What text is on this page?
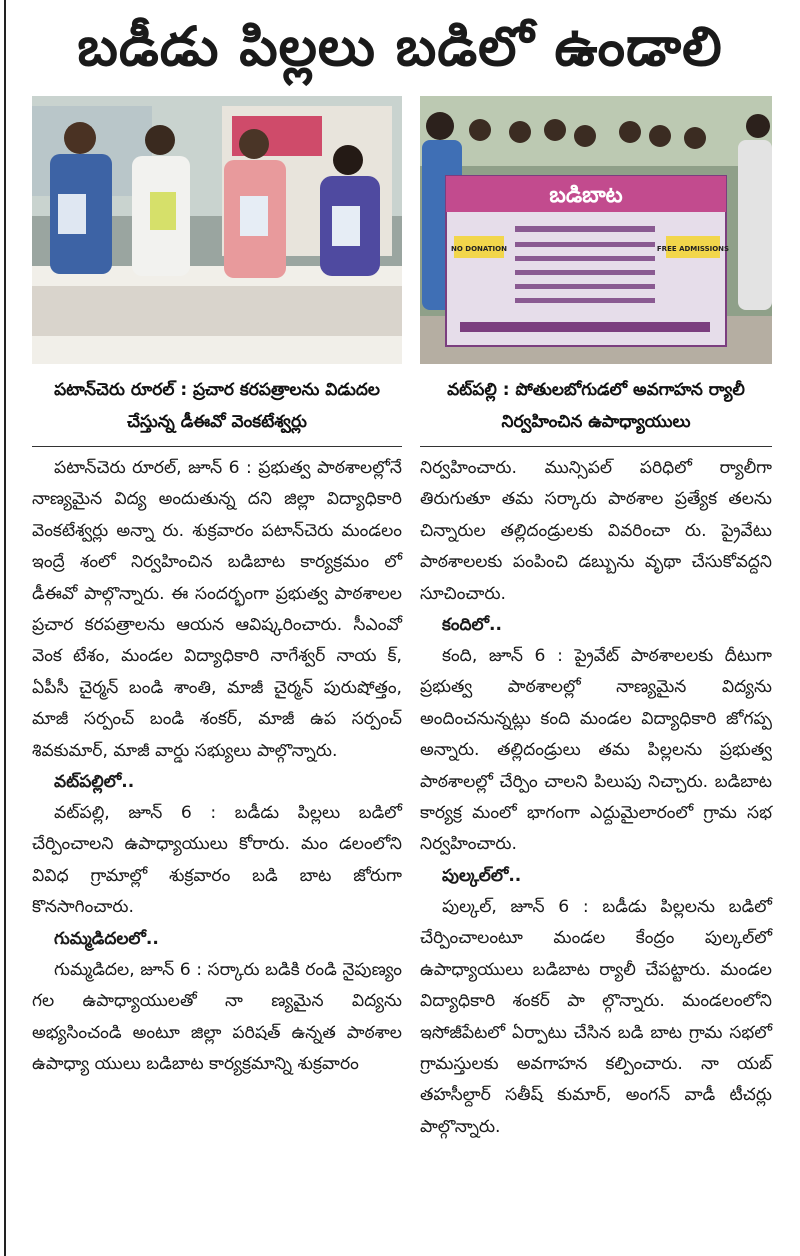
బడీడు పిల్లలు బడిలో ఉండాలి
పటాన్‌చెరు రూరల్ : ప్రచార కరపత్రాలను విడుదల చేస్తున్న డీఈవో వెంకటేశ్వర్లు

పటాన్‌చెరు రూరల్, జూన్ 6 : ప్రభుత్వ పాఠశాలల్లోనే నాణ్యమైన విద్య అందుతున్న దని జిల్లా విద్యాధికారి వెంకటేశ్వర్లు అన్నా రు. శుక్రవారం పటాన్‌చెరు మండలం ఇంద్రే శంలో నిర్వహించిన బడిబాట కార్యక్రమం లో డీఈవో పాల్గొన్నారు. ఈ సందర్భంగా ప్రభుత్వ పాఠశాలల ప్రచార కరపత్రాలను ఆయన ఆవిష్కరించారు. సీఎంవో వెంక టేశం, మండల విద్యాధికారి నాగేశ్వర్ నాయ క్, ఏపీసీ చైర్మన్ బండి శాంతి, మాజీ చైర్మన్ పురుషోత్తం, మాజీ సర్పంచ్ బండి శంకర్, మాజీ ఉప సర్పంచ్ శివకుమార్, మాజీ వార్డు సభ్యులు పాల్గొన్నారు.

వట్‌పల్లిలో..

వట్‌పల్లి, జూన్ 6 : బడీడు పిల్లలు బడిలో చేర్పించాలని ఉపాధ్యాయులు కోరారు. మం డలంలోని వివిధ గ్రామాల్లో శుక్రవారం బడి బాట జోరుగా కొనసాగించారు.

గుమ్మడిదలలో..

గుమ్మడిదల, జూన్ 6 : సర్కారు బడికి రండి నైపుణ్యం గల ఉపాధ్యాయులతో నా ణ్యమైన విద్యను అభ్యసించండి అంటూ జిల్లా పరిషత్ ఉన్నత పాఠశాల ఉపాధ్యా యులు బడిబాట కార్యక్రమాన్ని శుక్రవారం

బడిబాట
NO DONATION	FREE ADMISSIONS
వట్‌పల్లి : పోతులబోగుడలో అవగాహన ర్యాలీ నిర్వహించిన ఉపాధ్యాయులు

నిర్వహించారు. మున్సిపల్ పరిధిలో ర్యాలీగా తిరుగుతూ తమ సర్కారు పాఠశాల ప్రత్యేక తలను చిన్నారుల తల్లిదండ్రులకు వివరించా రు. ప్రైవేటు పాఠశాలలకు పంపించి డబ్బును వృథా చేసుకోవద్దని సూచించారు.

కందిలో..

కంది, జూన్ 6 : ప్రైవేట్ పాఠశాలలకు దీటుగా ప్రభుత్వ పాఠశాలల్లో నాణ్యమైన విద్యను అందించనున్నట్లు కంది మండల విద్యాధికారి జోగప్ప అన్నారు. తల్లిదండ్రులు తమ పిల్లలను ప్రభుత్వ పాఠశాలల్లో చేర్పిం చాలని పిలుపు నిచ్చారు. బడిబాట కార్యక్ర మంలో భాగంగా ఎద్దుమైలారంలో గ్రామ సభ నిర్వహించారు.

పుల్కల్‌లో..

పుల్కల్, జూన్ 6 : బడీడు పిల్లలను బడిలో చేర్పించాలంటూ మండల కేంద్రం పుల్కల్‌లో ఉపాధ్యాయులు బడిబాట ర్యాలీ చేపట్టారు. మండల విద్యాధికారి శంకర్ పా ల్గొన్నారు. మండలంలోని ఇసోజీపేటలో ఏర్పాటు చేసిన బడి బాట గ్రామ సభలో గ్రామస్తులకు అవగాహన కల్పించారు. నా యబ్ తహసీల్దార్ సతీష్ కుమార్, అంగన్ వాడీ టీచర్లు పాల్గొన్నారు.
